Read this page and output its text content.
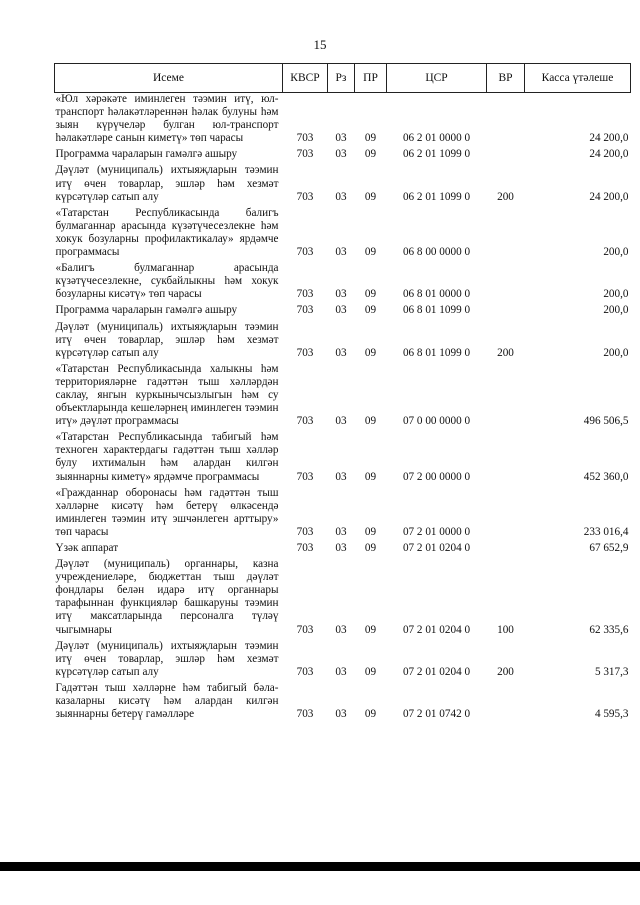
15
Исеме	КВСР	Рз	ПР	ЦСР	ВР	Касса үтәлеше
«Юл хәрәкәте иминлеген тәэмин итү, юл-транспорт һәлакәтләреннән һәлак булуны һәм зыян күрүчеләр булган юл-транспорт һәлакәтләре санын киметү» төп чарасы	703	03	09	06 2 01 0000 0		24 200,0
Программа чараларын гамәлгә ашыру	703	03	09	06 2 01 1099 0		24 200,0
Дәүләт (муниципаль) ихтыяҗларын тәэмин итү өчен товарлар, эшләр һәм хезмәт күрсәтүләр сатып алу	703	03	09	06 2 01 1099 0	200	24 200,0
«Татарстан Республикасында балигъ булмаганнар арасында күзәтүчесезлекне һәм хокук бозуларны профилактикалау» ярдәмче программасы	703	03	09	06 8 00 0000 0		200,0
«Балигъ булмаганнар арасында күзәтүчесезлекне, сукбайлыкны һәм хокук бозуларны кисәтү» төп чарасы	703	03	09	06 8 01 0000 0		200,0
Программа чараларын гамәлгә ашыру	703	03	09	06 8 01 1099 0		200,0
Дәүләт (муниципаль) ихтыяҗларын тәэмин итү өчен товарлар, эшләр һәм хезмәт күрсәтүләр сатып алу	703	03	09	06 8 01 1099 0	200	200,0
«Татарстан Республикасында халыкны һәм территорияләрне гадәттән тыш хәлләрдән саклау, янгын куркынычсызлыгын һәм су объектларында кешеләрнең иминлеген тәэмин итү» дәүләт программасы	703	03	09	07 0 00 0000 0		496 506,5
«Татарстан Республикасында табигый һәм техноген характердагы гадәттән тыш хәлләр булу ихтималын һәм алардан килгән зыяннарны киметү» ярдәмче программасы	703	03	09	07 2 00 0000 0		452 360,0
«Гражданнар оборонасы һәм гадәттән тыш хәлләрне кисәтү һәм бетерү өлкәсендә иминлеген тәэмин итү эшчәнлеген арттыру» төп чарасы	703	03	09	07 2 01 0000 0		233 016,4
Үзәк аппарат	703	03	09	07 2 01 0204 0		67 652,9
Дәүләт (муниципаль) органнары, казна учреждениеләре, бюджеттан тыш дәүләт фондлары белән идарә итү органнары тарафыннан функцияләр башкаруны тәэмин итү максатларында персоналга түләү чыгымнары	703	03	09	07 2 01 0204 0	100	62 335,6
Дәүләт (муниципаль) ихтыяҗларын тәэмин итү өчен товарлар, эшләр һәм хезмәт күрсәтүләр сатып алу	703	03	09	07 2 01 0204 0	200	5 317,3
Гадәттән тыш хәлләрне һәм табигый бәла-казаларны кисәтү һәм алардан килгән зыяннарны бетерү гамәлләре	703	03	09	07 2 01 0742 0		4 595,3
